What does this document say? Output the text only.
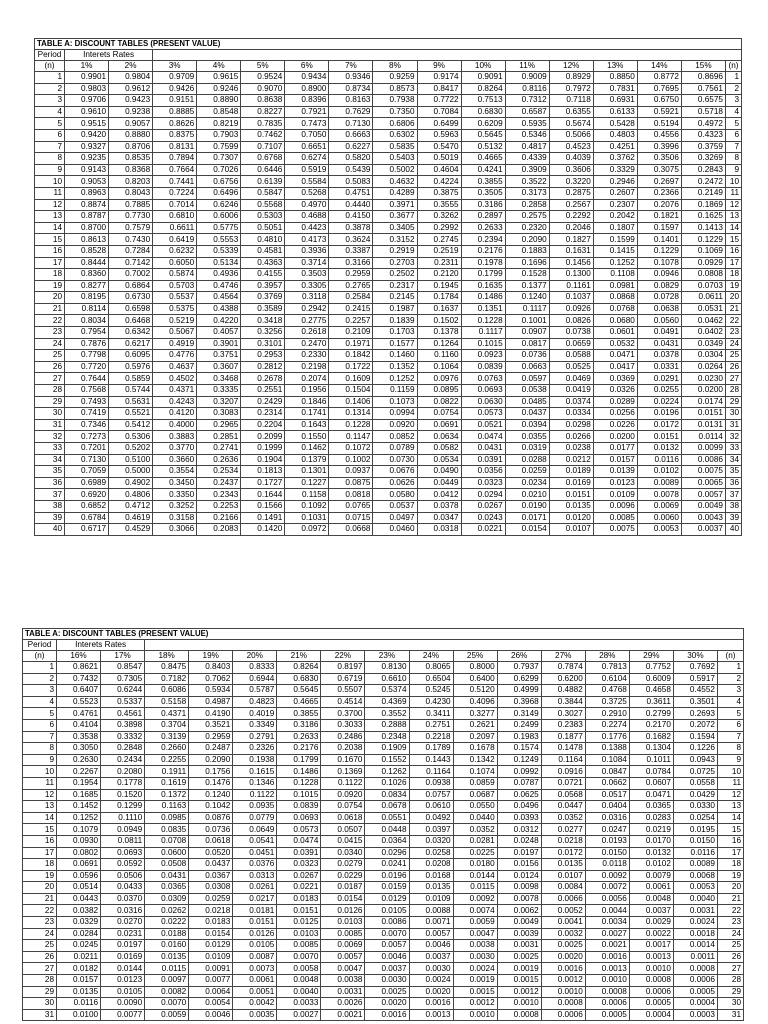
TABLE A: DISCOUNT TABLES (PRESENT VALUE)																
Period	Interets Rates															
(n)	1%	2%	3%	4%	5%	6%	7%	8%	9%	10%	11%	12%	13%	14%	15%	(n)
1	0.9901	0.9804	0.9709	0.9615	0.9524	0.9434	0.9346	0.9259	0.9174	0.9091	0.9009	0.8929	0.8850	0.8772	0.8696	1
2	0.9803	0.9612	0.9426	0.9246	0.9070	0.8900	0.8734	0.8573	0.8417	0.8264	0.8116	0.7972	0.7831	0.7695	0.7561	2
3	0.9706	0.9423	0.9151	0.8890	0.8638	0.8396	0.8163	0.7938	0.7722	0.7513	0.7312	0.7118	0.6931	0.6750	0.6575	3
4	0.9610	0.9238	0.8885	0.8548	0.8227	0.7921	0.7629	0.7350	0.7084	0.6830	0.6587	0.6355	0.6133	0.5921	0.5718	4
5	0.9515	0.9057	0.8626	0.8219	0.7835	0.7473	0.7130	0.6806	0.6499	0.6209	0.5935	0.5674	0.5428	0.5194	0.4972	5
6	0.9420	0.8880	0.8375	0.7903	0.7462	0.7050	0.6663	0.6302	0.5963	0.5645	0.5346	0.5066	0.4803	0.4556	0.4323	6
7	0.9327	0.8706	0.8131	0.7599	0.7107	0.6651	0.6227	0.5835	0.5470	0.5132	0.4817	0.4523	0.4251	0.3996	0.3759	7
8	0.9235	0.8535	0.7894	0.7307	0.6768	0.6274	0.5820	0.5403	0.5019	0.4665	0.4339	0.4039	0.3762	0.3506	0.3269	8
9	0.9143	0.8368	0.7664	0.7026	0.6446	0.5919	0.5439	0.5002	0.4604	0.4241	0.3909	0.3606	0.3329	0.3075	0.2843	9
10	0.9053	0.8203	0.7441	0.6756	0.6139	0.5584	0.5083	0.4632	0.4224	0.3855	0.3522	0.3220	0.2946	0.2697	0.2472	10
11	0.8963	0.8043	0.7224	0.6496	0.5847	0.5268	0.4751	0.4289	0.3875	0.3505	0.3173	0.2875	0.2607	0.2366	0.2149	11
12	0.8874	0.7885	0.7014	0.6246	0.5568	0.4970	0.4440	0.3971	0.3555	0.3186	0.2858	0.2567	0.2307	0.2076	0.1869	12
13	0.8787	0.7730	0.6810	0.6006	0.5303	0.4688	0.4150	0.3677	0.3262	0.2897	0.2575	0.2292	0.2042	0.1821	0.1625	13
14	0.8700	0.7579	0.6611	0.5775	0.5051	0.4423	0.3878	0.3405	0.2992	0.2633	0.2320	0.2046	0.1807	0.1597	0.1413	14
15	0.8613	0.7430	0.6419	0.5553	0.4810	0.4173	0.3624	0.3152	0.2745	0.2394	0.2090	0.1827	0.1599	0.1401	0.1229	15
16	0.8528	0.7284	0.6232	0.5339	0.4581	0.3936	0.3387	0.2919	0.2519	0.2176	0.1883	0.1631	0.1415	0.1229	0.1069	16
17	0.8444	0.7142	0.6050	0.5134	0.4363	0.3714	0.3166	0.2703	0.2311	0.1978	0.1696	0.1456	0.1252	0.1078	0.0929	17
18	0.8360	0.7002	0.5874	0.4936	0.4155	0.3503	0.2959	0.2502	0.2120	0.1799	0.1528	0.1300	0.1108	0.0946	0.0808	18
19	0.8277	0.6864	0.5703	0.4746	0.3957	0.3305	0.2765	0.2317	0.1945	0.1635	0.1377	0.1161	0.0981	0.0829	0.0703	19
20	0.8195	0.6730	0.5537	0.4564	0.3769	0.3118	0.2584	0.2145	0.1784	0.1486	0.1240	0.1037	0.0868	0.0728	0.0611	20
21	0.8114	0.6598	0.5375	0.4388	0.3589	0.2942	0.2415	0.1987	0.1637	0.1351	0.1117	0.0926	0.0768	0.0638	0.0531	21
22	0.8034	0.6468	0.5219	0.4220	0.3418	0.2775	0.2257	0.1839	0.1502	0.1228	0.1001	0.0826	0.0680	0.0560	0.0462	22
23	0.7954	0.6342	0.5067	0.4057	0.3256	0.2618	0.2109	0.1703	0.1378	0.1117	0.0907	0.0738	0.0601	0.0491	0.0402	23
24	0.7876	0.6217	0.4919	0.3901	0.3101	0.2470	0.1971	0.1577	0.1264	0.1015	0.0817	0.0659	0.0532	0.0431	0.0349	24
25	0.7798	0.6095	0.4776	0.3751	0.2953	0.2330	0.1842	0.1460	0.1160	0.0923	0.0736	0.0588	0.0471	0.0378	0.0304	25
26	0.7720	0.5976	0.4637	0.3607	0.2812	0.2198	0.1722	0.1352	0.1064	0.0839	0.0663	0.0525	0.0417	0.0331	0.0264	26
27	0.7644	0.5859	0.4502	0.3468	0.2678	0.2074	0.1609	0.1252	0.0976	0.0763	0.0597	0.0469	0.0369	0.0291	0.0230	27
28	0.7568	0.5744	0.4371	0.3335	0.2551	0.1956	0.1504	0.1159	0.0895	0.0693	0.0538	0.0419	0.0326	0.0255	0.0200	28
29	0.7493	0.5631	0.4243	0.3207	0.2429	0.1846	0.1406	0.1073	0.0822	0.0630	0.0485	0.0374	0.0289	0.0224	0.0174	29
30	0.7419	0.5521	0.4120	0.3083	0.2314	0.1741	0.1314	0.0994	0.0754	0.0573	0.0437	0.0334	0.0256	0.0196	0.0151	30
31	0.7346	0.5412	0.4000	0.2965	0.2204	0.1643	0.1228	0.0920	0.0691	0.0521	0.0394	0.0298	0.0226	0.0172	0.0131	31
32	0.7273	0.5306	0.3883	0.2851	0.2099	0.1550	0.1147	0.0852	0.0634	0.0474	0.0355	0.0266	0.0200	0.0151	0.0114	32
33	0.7201	0.5202	0.3770	0.2741	0.1999	0.1462	0.1072	0.0789	0.0582	0.0431	0.0319	0.0238	0.0177	0.0132	0.0099	33
34	0.7130	0.5100	0.3660	0.2636	0.1904	0.1379	0.1002	0.0730	0.0534	0.0391	0.0288	0.0212	0.0157	0.0116	0.0086	34
35	0.7059	0.5000	0.3554	0.2534	0.1813	0.1301	0.0937	0.0676	0.0490	0.0356	0.0259	0.0189	0.0139	0.0102	0.0075	35
36	0.6989	0.4902	0.3450	0.2437	0.1727	0.1227	0.0875	0.0626	0.0449	0.0323	0.0234	0.0169	0.0123	0.0089	0.0065	36
37	0.6920	0.4806	0.3350	0.2343	0.1644	0.1158	0.0818	0.0580	0.0412	0.0294	0.0210	0.0151	0.0109	0.0078	0.0057	37
38	0.6852	0.4712	0.3252	0.2253	0.1566	0.1092	0.0765	0.0537	0.0378	0.0267	0.0190	0.0135	0.0096	0.0069	0.0049	38
39	0.6784	0.4619	0.3158	0.2166	0.1491	0.1031	0.0715	0.0497	0.0347	0.0243	0.0171	0.0120	0.0085	0.0060	0.0043	39
40	0.6717	0.4529	0.3066	0.2083	0.1420	0.0972	0.0668	0.0460	0.0318	0.0221	0.0154	0.0107	0.0075	0.0053	0.0037	40
TABLE A: DISCOUNT TABLES (PRESENT VALUE)																
Period	Interets Rates															
(n)	16%	17%	18%	19%	20%	21%	22%	23%	24%	25%	26%	27%	28%	29%	30%	(n)
1	0.8621	0.8547	0.8475	0.8403	0.8333	0.8264	0.8197	0.8130	0.8065	0.8000	0.7937	0.7874	0.7813	0.7752	0.7692	1
2	0.7432	0.7305	0.7182	0.7062	0.6944	0.6830	0.6719	0.6610	0.6504	0.6400	0.6299	0.6200	0.6104	0.6009	0.5917	2
3	0.6407	0.6244	0.6086	0.5934	0.5787	0.5645	0.5507	0.5374	0.5245	0.5120	0.4999	0.4882	0.4768	0.4658	0.4552	3
4	0.5523	0.5337	0.5158	0.4987	0.4823	0.4665	0.4514	0.4369	0.4230	0.4096	0.3968	0.3844	0.3725	0.3611	0.3501	4
5	0.4761	0.4561	0.4371	0.4190	0.4019	0.3855	0.3700	0.3552	0.3411	0.3277	0.3149	0.3027	0.2910	0.2799	0.2693	5
6	0.4104	0.3898	0.3704	0.3521	0.3349	0.3186	0.3033	0.2888	0.2751	0.2621	0.2499	0.2383	0.2274	0.2170	0.2072	6
7	0.3538	0.3332	0.3139	0.2959	0.2791	0.2633	0.2486	0.2348	0.2218	0.2097	0.1983	0.1877	0.1776	0.1682	0.1594	7
8	0.3050	0.2848	0.2660	0.2487	0.2326	0.2176	0.2038	0.1909	0.1789	0.1678	0.1574	0.1478	0.1388	0.1304	0.1226	8
9	0.2630	0.2434	0.2255	0.2090	0.1938	0.1799	0.1670	0.1552	0.1443	0.1342	0.1249	0.1164	0.1084	0.1011	0.0943	9
10	0.2267	0.2080	0.1911	0.1756	0.1615	0.1486	0.1369	0.1262	0.1164	0.1074	0.0992	0.0916	0.0847	0.0784	0.0725	10
11	0.1954	0.1778	0.1619	0.1476	0.1346	0.1228	0.1122	0.1026	0.0938	0.0859	0.0787	0.0721	0.0662	0.0607	0.0558	11
12	0.1685	0.1520	0.1372	0.1240	0.1122	0.1015	0.0920	0.0834	0.0757	0.0687	0.0625	0.0568	0.0517	0.0471	0.0429	12
13	0.1452	0.1299	0.1163	0.1042	0.0935	0.0839	0.0754	0.0678	0.0610	0.0550	0.0496	0.0447	0.0404	0.0365	0.0330	13
14	0.1252	0.1110	0.0985	0.0876	0.0779	0.0693	0.0618	0.0551	0.0492	0.0440	0.0393	0.0352	0.0316	0.0283	0.0254	14
15	0.1079	0.0949	0.0835	0.0736	0.0649	0.0573	0.0507	0.0448	0.0397	0.0352	0.0312	0.0277	0.0247	0.0219	0.0195	15
16	0.0930	0.0811	0.0708	0.0618	0.0541	0.0474	0.0415	0.0364	0.0320	0.0281	0.0248	0.0218	0.0193	0.0170	0.0150	16
17	0.0802	0.0693	0.0600	0.0520	0.0451	0.0391	0.0340	0.0296	0.0258	0.0225	0.0197	0.0172	0.0150	0.0132	0.0116	17
18	0.0691	0.0592	0.0508	0.0437	0.0376	0.0323	0.0279	0.0241	0.0208	0.0180	0.0156	0.0135	0.0118	0.0102	0.0089	18
19	0.0596	0.0506	0.0431	0.0367	0.0313	0.0267	0.0229	0.0196	0.0168	0.0144	0.0124	0.0107	0.0092	0.0079	0.0068	19
20	0.0514	0.0433	0.0365	0.0308	0.0261	0.0221	0.0187	0.0159	0.0135	0.0115	0.0098	0.0084	0.0072	0.0061	0.0053	20
21	0.0443	0.0370	0.0309	0.0259	0.0217	0.0183	0.0154	0.0129	0.0109	0.0092	0.0078	0.0066	0.0056	0.0048	0.0040	21
22	0.0382	0.0316	0.0262	0.0218	0.0181	0.0151	0.0126	0.0105	0.0088	0.0074	0.0062	0.0052	0.0044	0.0037	0.0031	22
23	0.0329	0.0270	0.0222	0.0183	0.0151	0.0125	0.0103	0.0086	0.0071	0.0059	0.0049	0.0041	0.0034	0.0029	0.0024	23
24	0.0284	0.0231	0.0188	0.0154	0.0126	0.0103	0.0085	0.0070	0.0057	0.0047	0.0039	0.0032	0.0027	0.0022	0.0018	24
25	0.0245	0.0197	0.0160	0.0129	0.0105	0.0085	0.0069	0.0057	0.0046	0.0038	0.0031	0.0025	0.0021	0.0017	0.0014	25
26	0.0211	0.0169	0.0135	0.0109	0.0087	0.0070	0.0057	0.0046	0.0037	0.0030	0.0025	0.0020	0.0016	0.0013	0.0011	26
27	0.0182	0.0144	0.0115	0.0091	0.0073	0.0058	0.0047	0.0037	0.0030	0.0024	0.0019	0.0016	0.0013	0.0010	0.0008	27
28	0.0157	0.0123	0.0097	0.0077	0.0061	0.0048	0.0038	0.0030	0.0024	0.0019	0.0015	0.0012	0.0010	0.0008	0.0006	28
29	0.0135	0.0105	0.0082	0.0064	0.0051	0.0040	0.0031	0.0025	0.0020	0.0015	0.0012	0.0010	0.0008	0.0006	0.0005	29
30	0.0116	0.0090	0.0070	0.0054	0.0042	0.0033	0.0026	0.0020	0.0016	0.0012	0.0010	0.0008	0.0006	0.0005	0.0004	30
31	0.0100	0.0077	0.0059	0.0046	0.0035	0.0027	0.0021	0.0016	0.0013	0.0010	0.0008	0.0006	0.0005	0.0004	0.0003	31
